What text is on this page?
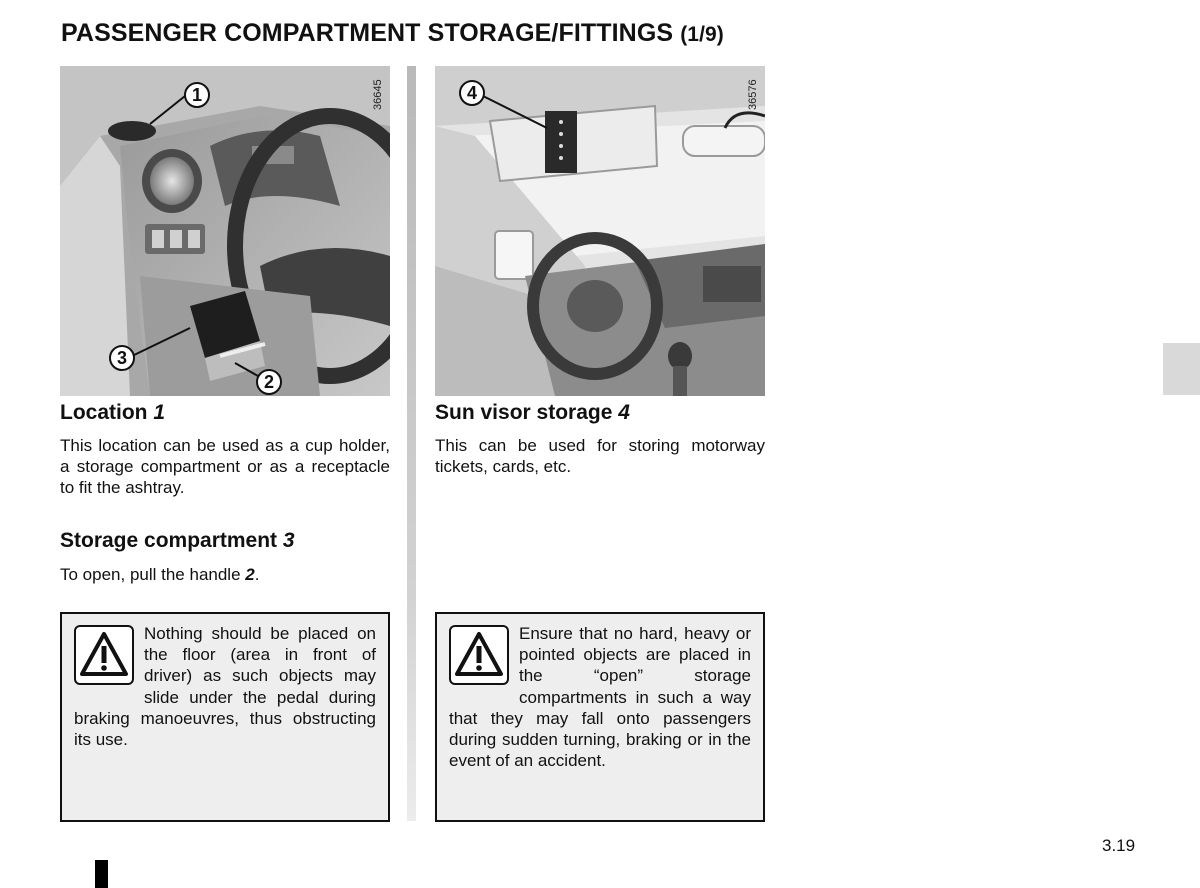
PASSENGER COMPARTMENT STORAGE/FITTINGS (1/9)
36645
1
2
3
36576
4
Location 1
This location can be used as a cup holder, a storage compartment or as a receptacle to fit the ashtray.
Storage compartment 3
To open, pull the handle 2.
Nothing should be placed on the floor (area in front of driver) as such objects may slide under the pedal during braking manoeuvres, thus obstructing its use.
Sun visor storage 4
This can be used for storing motorway tickets, cards, etc.
Ensure that no hard, heavy or pointed objects are placed in the “open” storage compartments in such a way that they may fall onto passengers during sudden turning, braking or in the event of an accident.
3.19
